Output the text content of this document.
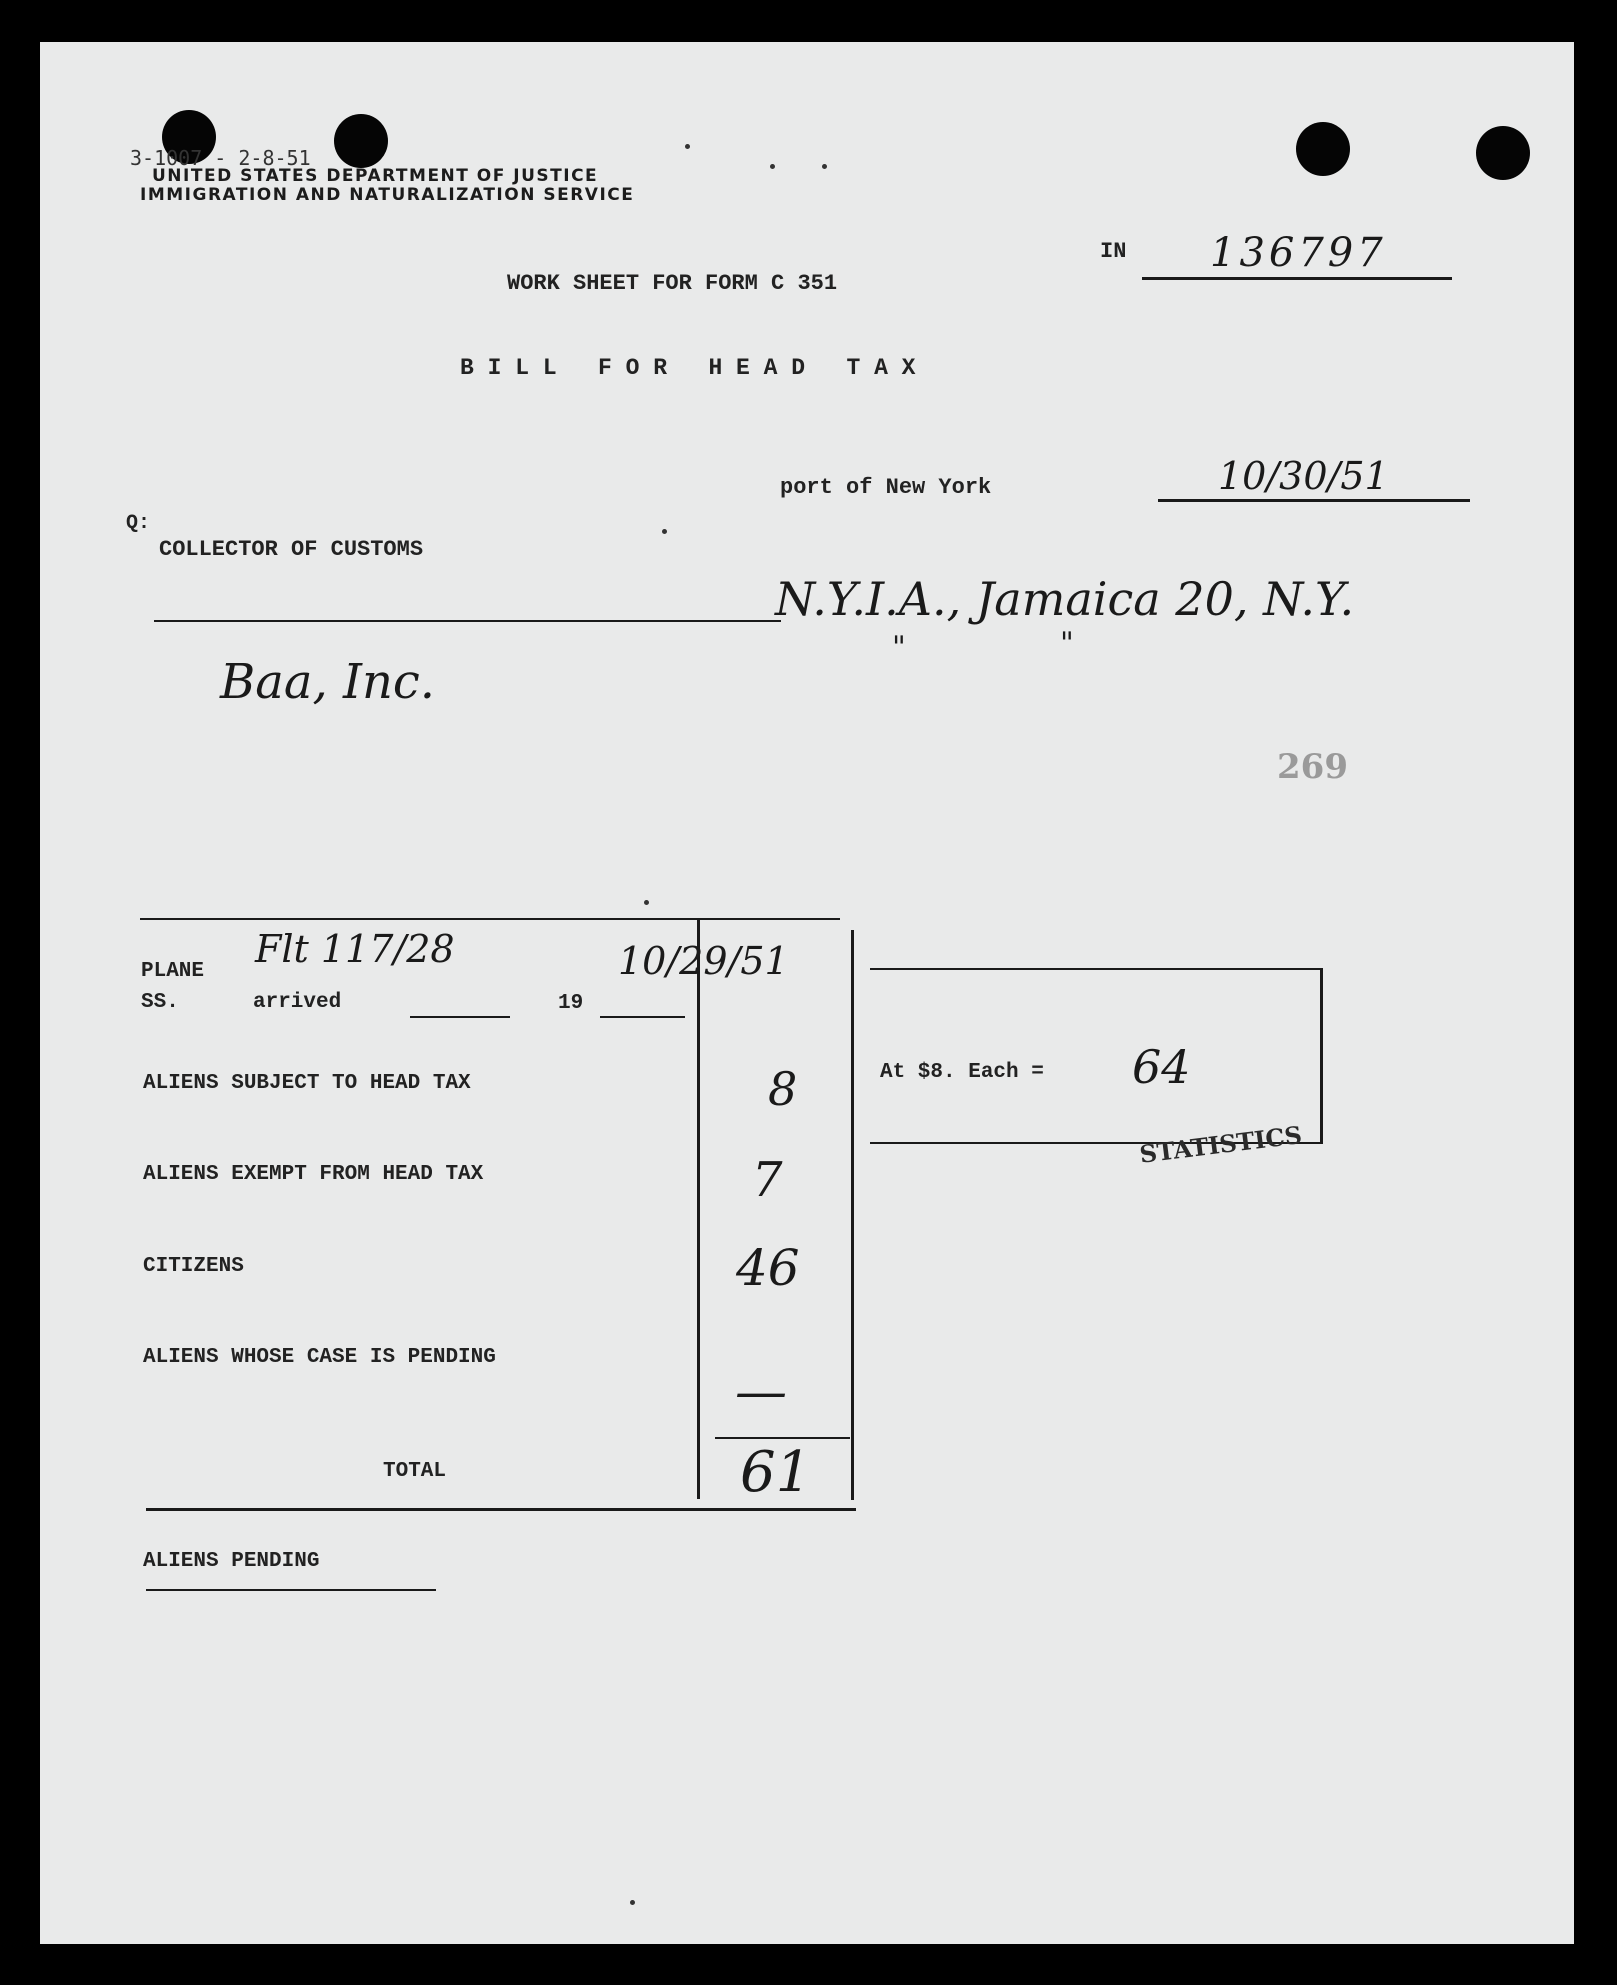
3-1007 - 2-8-51
UNITED STATES DEPARTMENT OF JUSTICE
IMMIGRATION AND NATURALIZATION SERVICE
WORK SHEET FOR FORM C 351
B I L L   F O R   H E A D   T A X
IN 136797
port of New York	10/30/51
Q:
COLLECTOR OF CUSTOMS
N.Y.I.A., Jamaica 20, N.Y.
"	"
Baa, Inc.
269
PLANE
SS.	arrived	19
Flt 117/28	10/29/51
ALIENS SUBJECT TO HEAD TAX	8
ALIENS EXEMPT FROM HEAD TAX	7
CITIZENS	46
ALIENS WHOSE CASE IS PENDING
—
TOTAL	61
At $8. Each = 64
STATISTICS
ALIENS PENDING
